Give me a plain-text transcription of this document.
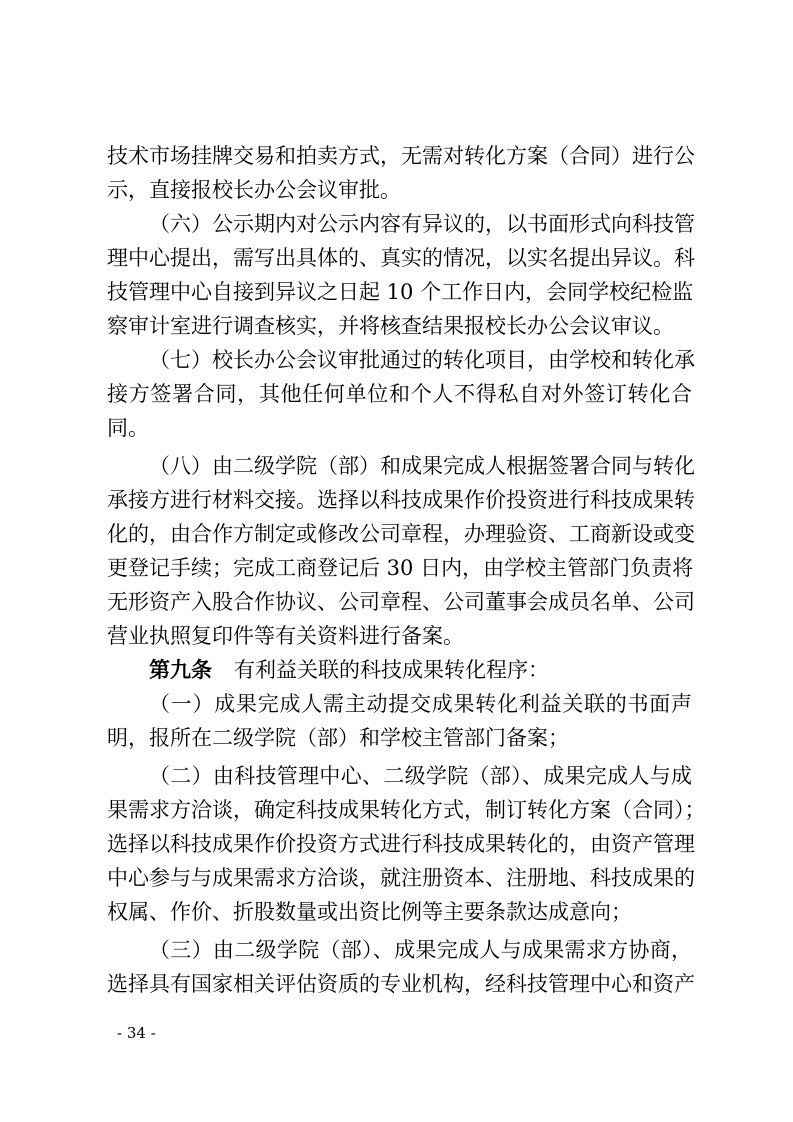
技术市场挂牌交易和拍卖方式，无需对转化方案（合同）进行公
示，直接报校长办公会议审批。
（六）公示期内对公示内容有异议的，以书面形式向科技管
理中心提出，需写出具体的、真实的情况，以实名提出异议。科
技管理中心自接到异议之日起 10 个工作日内，会同学校纪检监
察审计室进行调查核实，并将核查结果报校长办公会议审议。
（七）校长办公会议审批通过的转化项目，由学校和转化承
接方签署合同，其他任何单位和个人不得私自对外签订转化合
同。
（八）由二级学院（部）和成果完成人根据签署合同与转化
承接方进行材料交接。选择以科技成果作价投资进行科技成果转
化的，由合作方制定或修改公司章程，办理验资、工商新设或变
更登记手续；完成工商登记后 30 日内，由学校主管部门负责将
无形资产入股合作协议、公司章程、公司董事会成员名单、公司
营业执照复印件等有关资料进行备案。
第九条 有利益关联的科技成果转化程序：
（一）成果完成人需主动提交成果转化利益关联的书面声
明，报所在二级学院（部）和学校主管部门备案；
（二）由科技管理中心、二级学院（部）、成果完成人与成
果需求方洽谈，确定科技成果转化方式，制订转化方案（合同）；
选择以科技成果作价投资方式进行科技成果转化的，由资产管理
中心参与与成果需求方洽谈，就注册资本、注册地、科技成果的
权属、作价、折股数量或出资比例等主要条款达成意向；
（三）由二级学院（部）、成果完成人与成果需求方协商，
选择具有国家相关评估资质的专业机构，经科技管理中心和资产
- 34 -
